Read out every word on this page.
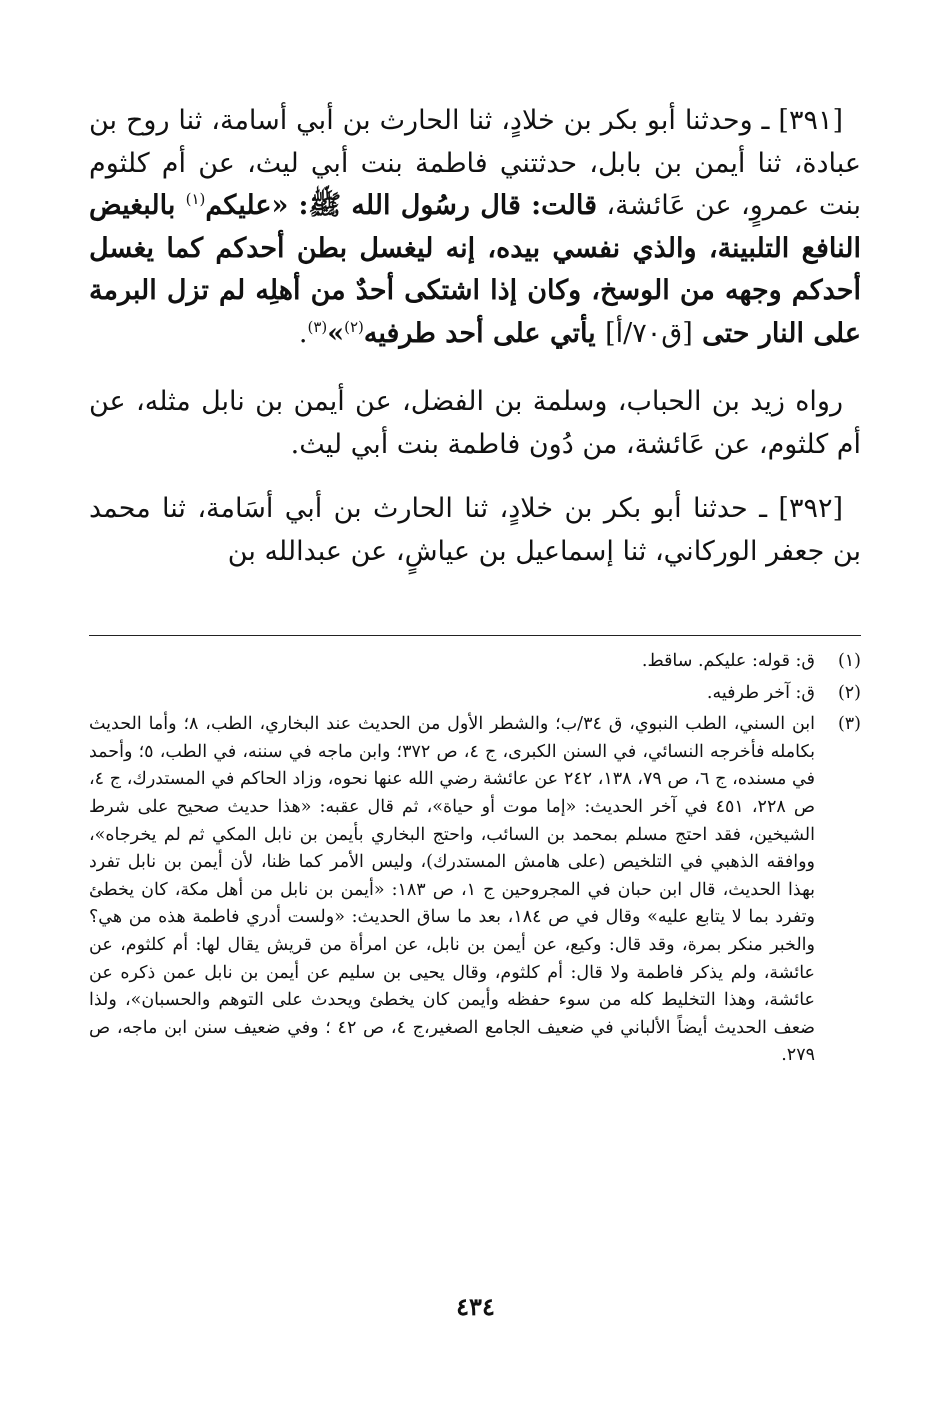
[٣٩١] ـ وحدثنا أبو بكر بن خلادٍ، ثنا الحارث بن أبي أسامة، ثنا روح بن عبادة، ثنا أيمن بن بابل، حدثتني فاطمة بنت أبي ليث، عن أم كلثوم بنت عمروٍ، عن عَائشة، قالت: قال رسُول الله ﷺ: «عليكم$^{(١)}$ بالبغيض النافع التلبينة، والذي نفسي بيده، إنه ليغسل بطن أحدكم كما يغسل أحدكم وجهه من الوسخ، وكان إذا اشتكى أحدٌ من أهلِه لم تزل البرمة على النار حتى [ق٧٠/أ] يأتي على أحد طرفيه$^{(٢)}$»$^{(٣)}$.

رواه زيد بن الحباب، وسلمة بن الفضل، عن أيمن بن نابل مثله، عن أم كلثوم، عن عَائشة، من دُون فاطمة بنت أبي ليث.

[٣٩٢] ـ حدثنا أبو بكر بن خلادٍ، ثنا الحارث بن أبي أسَامة، ثنا محمد بن جعفر الوركاني، ثنا إسماعيل بن عياشٍ، عن عبدالله بن

(١)
ق: قوله: عليكم. ساقط.
(٢)
ق: آخر طرفيه.
(٣)
ابن السني، الطب النبوي، ق ٣٤/ب؛ والشطر الأول من الحديث عند البخاري، الطب، ٨؛ وأما الحديث بكامله فأخرجه النسائي، في السنن الكبرى، ج ٤، ص ٣٧٢؛ وابن ماجه في سننه، في الطب، ٥؛ وأحمد في مسنده، ج ٦، ص ٧٩، ١٣٨، ٢٤٢ عن عائشة رضي الله عنها نحوه، وزاد الحاكم في المستدرك، ج ٤، ص ٢٢٨، ٤٥١ في آخر الحديث: «إما موت أو حياة»، ثم قال عقبه: «هذا حديث صحيح على شرط الشيخين، فقد احتج مسلم بمحمد بن السائب، واحتج البخاري بأيمن بن نابل المكي ثم لم يخرجاه»، ووافقه الذهبي في التلخيص (على هامش المستدرك)، وليس الأمر كما ظنا، لأن أيمن بن نابل تفرد بهذا الحديث، قال ابن حبان في المجروحين ج ١، ص ١٨٣: «أيمن بن نابل من أهل مكة، كان يخطئ وتفرد بما لا يتابع عليه» وقال في ص ١٨٤، بعد ما ساق الحديث: «ولست أدري فاطمة هذه من هي؟ والخبر منكر بمرة، وقد قال: وكيع، عن أيمن بن نابل، عن امرأة من قريش يقال لها: أم كلثوم، عن عائشة، ولم يذكر فاطمة ولا قال: أم كلثوم، وقال يحيى بن سليم عن أيمن بن نابل عمن ذكره عن عائشة، وهذا التخليط كله من سوء حفظه وأيمن كان يخطئ ويحدث على التوهم والحسبان»، ولذا ضعف الحديث أيضاً الألباني في ضعيف الجامع الصغير،ج ٤، ص ٤٢ ؛ وفي ضعيف سنن ابن ماجه، ص ٢٧٩.
٤٣٤
